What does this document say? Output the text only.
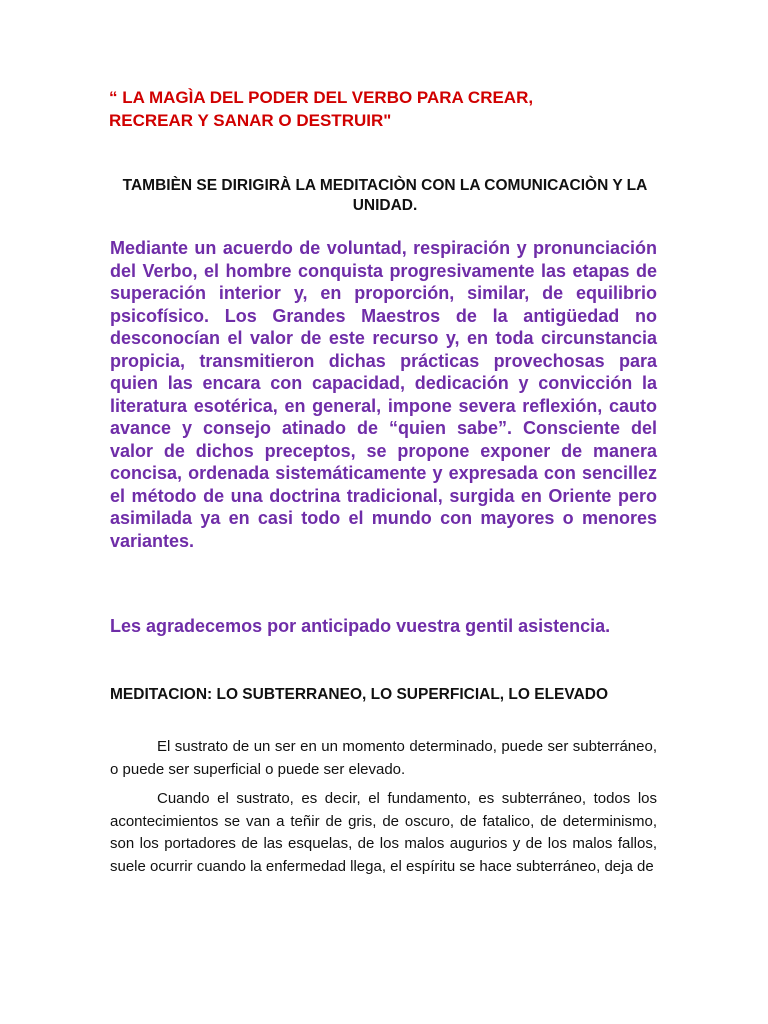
“ LA MAGÌA DEL PODER DEL VERBO PARA CREAR,
RECREAR Y SANAR O DESTRUIR"
TAMBIÈN SE DIRIGIRÀ LA MEDITACIÒN CON LA COMUNICACIÒN Y LA UNIDAD.
Mediante un acuerdo de voluntad, respiración y pronunciación del Verbo, el hombre conquista progresivamente las etapas de superación interior y, en proporción, similar, de equilibrio psicofísico. Los Grandes Maestros de la antigüedad no desconocían el valor de este recurso y, en toda circunstancia propicia, transmitieron dichas prácticas provechosas para quien las encara con capacidad, dedicación y convicción la literatura esotérica, en general, impone severa reflexión, cauto avance y consejo atinado de “quien sabe”. Consciente del valor de dichos preceptos, se propone exponer de manera concisa, ordenada sistemáticamente y expresada con sencillez el método de una doctrina tradicional, surgida en Oriente pero asimilada ya en casi todo el mundo con mayores o menores variantes.
Les agradecemos por anticipado vuestra gentil asistencia.
MEDITACION: LO SUBTERRANEO, LO SUPERFICIAL, LO ELEVADO
El sustrato de un ser en un momento determinado, puede ser subterráneo, o puede ser superficial o puede ser elevado.
Cuando el sustrato, es decir, el fundamento, es subterráneo, todos los acontecimientos se van a teñir de gris, de oscuro, de fatalico, de determinismo, son los portadores de las esquelas, de los malos augurios y de los malos fallos, suele ocurrir cuando la enfermedad llega, el espíritu se hace subterráneo, deja de
